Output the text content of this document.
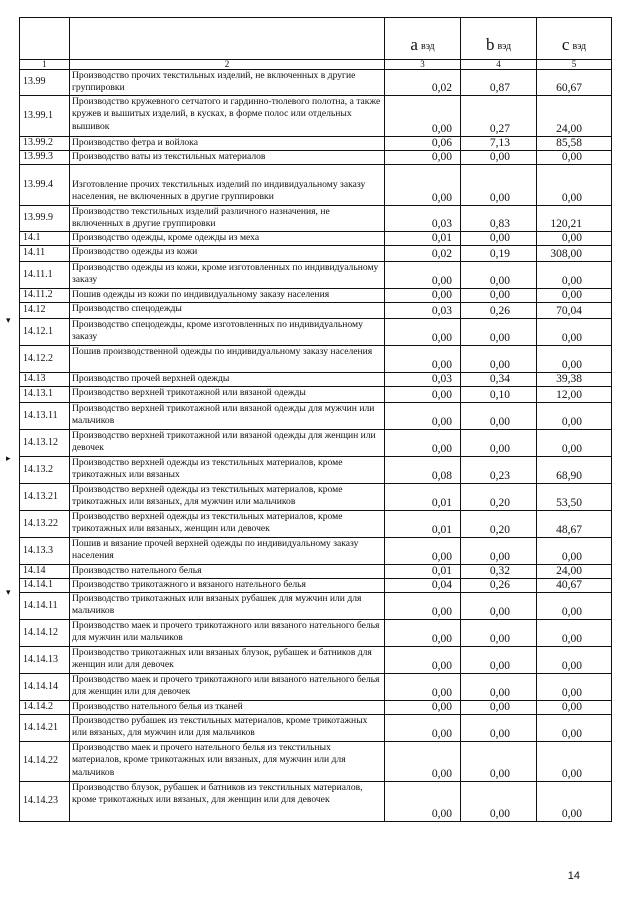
		a $_{вэд}$	b $_{вэд}$	c $_{вэд}$
1	2	3	4	5
13.99	Производство прочих текстильных изделий, не включенных в другие группировки	0,02	0,87	60,67
13.99.1	Производство кружевного сетчатого и гардинно-тюлевого полотна, а также кружев и вышитых изделий, в кусках, в форме полос или отдельных вышивок	0,00	0,27	24,00
13.99.2	Производство фетра и войлока	0,06	7,13	85,58
13.99.3	Производство ваты из текстильных материалов	0,00	0,00	0,00
13.99.4	Изготовление прочих текстильных изделий по индивидуальному заказу населения, не включенных в другие группировки	0,00	0,00	0,00
13.99.9	Производство текстильных изделий различного назначения, не включенных в другие группировки	0,03	0,83	120,21
14.1	Производство одежды, кроме одежды из меха	0,01	0,00	0,00
14.11	Производство одежды из кожи	0,02	0,19	308,00
14.11.1	Производство одежды из кожи, кроме изготовленных по индивидуальному заказу	0,00	0,00	0,00
14.11.2	Пошив одежды из кожи по индивидуальному заказу населения	0,00	0,00	0,00
14.12	Производство спецодежды	0,03	0,26	70,04
14.12.1	Производство спецодежды, кроме изготовленных по индивидуальному заказу	0,00	0,00	0,00
14.12.2	Пошив производственной одежды по индивидуальному заказу населения	0,00	0,00	0,00
14.13	Производство прочей верхней одежды	0,03	0,34	39,38
14.13.1	Производство верхней трикотажной или вязаной одежды	0,00	0,10	12,00
14.13.11	Производство верхней трикотажной или вязаной одежды для мужчин или мальчиков	0,00	0,00	0,00
14.13.12	Производство верхней трикотажной или вязаной одежды для женщин или девочек	0,00	0,00	0,00
14.13.2	Производство верхней одежды из текстильных материалов, кроме трикотажных или вязаных	0,08	0,23	68,90
14.13.21	Производство верхней одежды из текстильных материалов, кроме трикотажных или вязаных, для мужчин или мальчиков	0,01	0,20	53,50
14.13.22	Производство верхней одежды из текстильных материалов, кроме трикотажных или вязаных, женщин или девочек	0,01	0,20	48,67
14.13.3	Пошив и вязание прочей верхней одежды по индивидуальному заказу населения	0,00	0,00	0,00
14.14	Производство нательного белья	0,01	0,32	24,00
14.14.1	Производство трикотажного и вязаного нательного белья	0,04	0,26	40,67
14.14.11	Производство трикотажных или вязаных рубашек для мужчин или для мальчиков	0,00	0,00	0,00
14.14.12	Производство маек и прочего трикотажного или вязаного нательного белья для мужчин или мальчиков	0,00	0,00	0,00
14.14.13	Производство трикотажных или вязаных блузок, рубашек и батников для женщин или для девочек	0,00	0,00	0,00
14.14.14	Производство маек и прочего трикотажного или вязаного нательного белья для женщин или для девочек	0,00	0,00	0,00
14.14.2	Производство нательного белья из тканей	0,00	0,00	0,00
14.14.21	Производство рубашек из текстильных материалов, кроме трикотажных или вязаных, для мужчин или для мальчиков	0,00	0,00	0,00
14.14.22	Производство маек и прочего нательного белья из текстильных материалов, кроме трикотажных или вязаных, для мужчин или для мальчиков	0,00	0,00	0,00
14.14.23	Производство блузок, рубашек и батников из текстильных материалов, кроме трикотажных или вязаных, для женщин или для девочек	0,00	0,00	0,00
▾
▸
▾
14
